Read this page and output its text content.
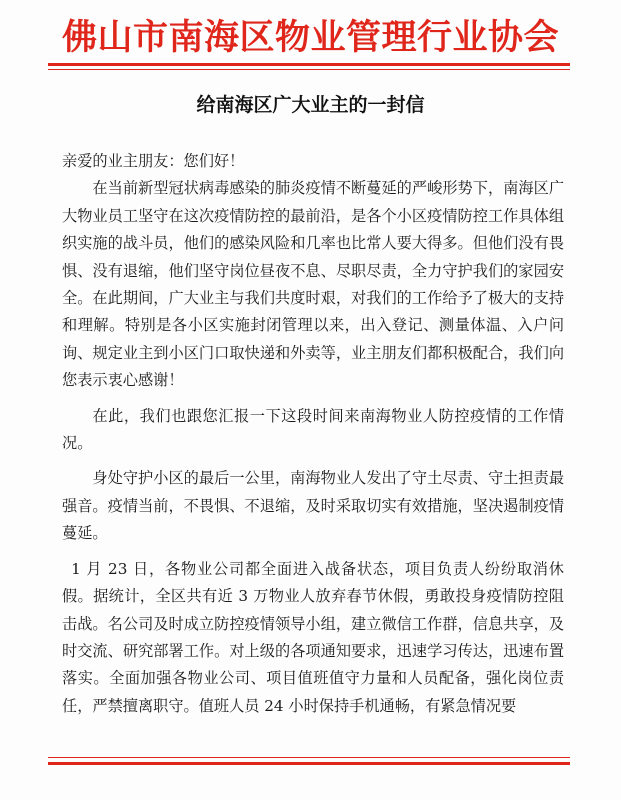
佛山市南海区物业管理行业协会
给南海区广大业主的一封信

亲爱的业主朋友：您们好！

在当前新型冠状病毒感染的肺炎疫情不断蔓延的严峻形势下，南海区广大物业员工坚守在这次疫情防控的最前沿，是各个小区疫情防控工作具体组织实施的战斗员，他们的感染风险和几率也比常人要大得多。但他们没有畏惧、没有退缩，他们坚守岗位昼夜不息、尽职尽责，全力守护我们的家园安全。在此期间，广大业主与我们共度时艰，对我们的工作给予了极大的支持和理解。特别是各小区实施封闭管理以来，出入登记、测量体温、入户问询、规定业主到小区门口取快递和外卖等，业主朋友们都积极配合，我们向您表示衷心感谢！

在此，我们也跟您汇报一下这段时间来南海物业人防控疫情的工作情况。

身处守护小区的最后一公里，南海物业人发出了守土尽责、守土担责最强音。疫情当前，不畏惧、不退缩，及时采取切实有效措施，坚决遏制疫情蔓延。

1 月 23 日，各物业公司都全面进入战备状态，项目负责人纷纷取消休假。据统计，全区共有近 3 万物业人放弃春节休假，勇敢投身疫情防控阻击战。名公司及时成立防控疫情领导小组，建立微信工作群，信息共享，及时交流、研究部署工作。对上级的各项通知要求，迅速学习传达，迅速布置落实。全面加强各物业公司、项目值班值守力量和人员配备，强化岗位责任，严禁擅离职守。值班人员 24 小时保持手机通畅，有紧急情况要
